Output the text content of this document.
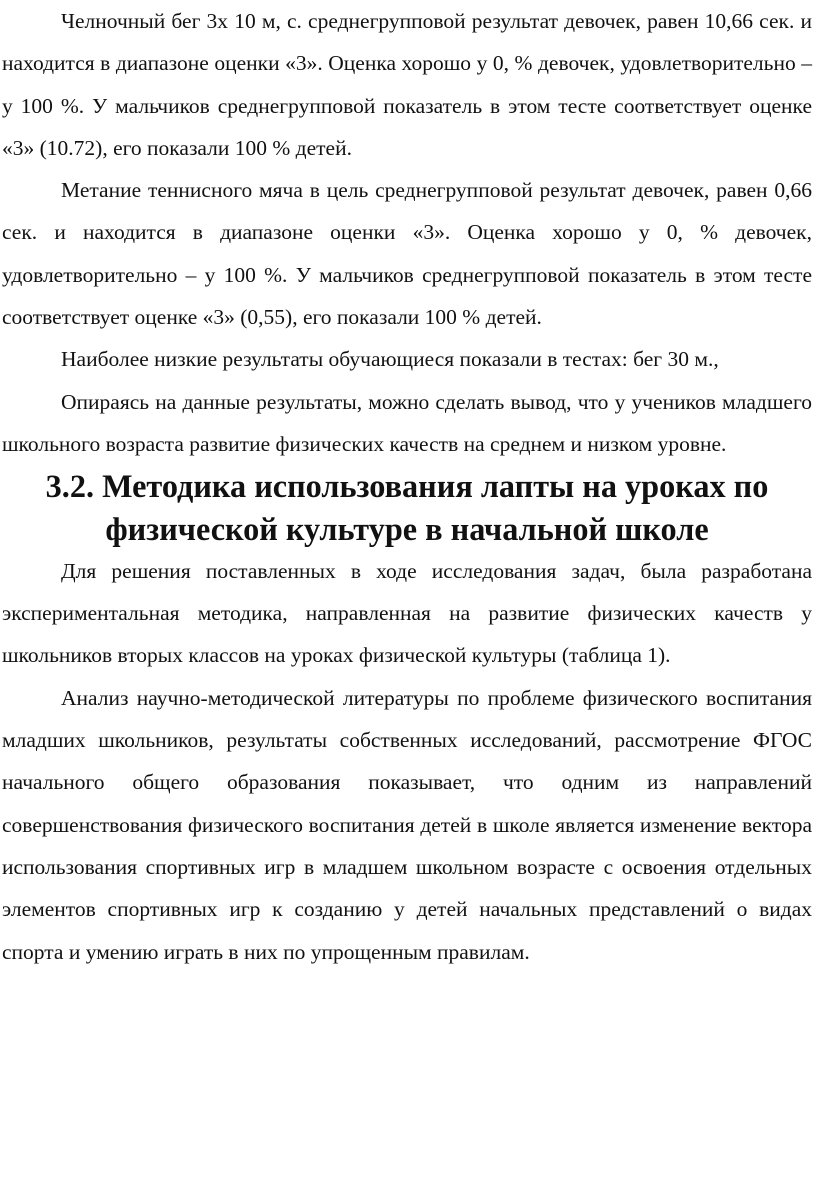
Челночный бег 3х 10 м, с. среднегрупповой результат девочек, равен 10,66 сек. и находится в диапазоне оценки «3». Оценка хорошо у 0, % девочек, удовлетворительно – у 100 %. У мальчиков среднегрупповой показатель в этом тесте соответствует оценке «3» (10.72), его показали 100 % детей.

Метание теннисного мяча в цель среднегрупповой результат девочек, равен 0,66 сек. и находится в диапазоне оценки «3». Оценка хорошо у 0, % девочек, удовлетворительно – у 100 %. У мальчиков среднегрупповой показатель в этом тесте соответствует оценке «3» (0,55), его показали 100 % детей.

Наиболее низкие результаты обучающиеся показали в тестах: бег 30 м.,

Опираясь на данные результаты, можно сделать вывод, что у учеников младшего школьного возраста развитие физических качеств на среднем и низком уровне.

3.2. Методика использования лапты на уроках по физической культуре в начальной школе

Для решения поставленных в ходе исследования задач, была разработана экспериментальная методика, направленная на развитие физических качеств у школьников вторых классов на уроках физической культуры (таблица 1).

Анализ научно-методической литературы по проблеме физического воспитания младших школьников, результаты собственных исследований, рассмотрение ФГОС начального общего образования показывает, что одним из направлений совершенствования физического воспитания детей в школе является изменение вектора использования спортивных игр в младшем школьном возрасте с освоения отдельных элементов спортивных игр к созданию у детей начальных представлений о видах спорта и умению играть в них по упрощенным правилам.
